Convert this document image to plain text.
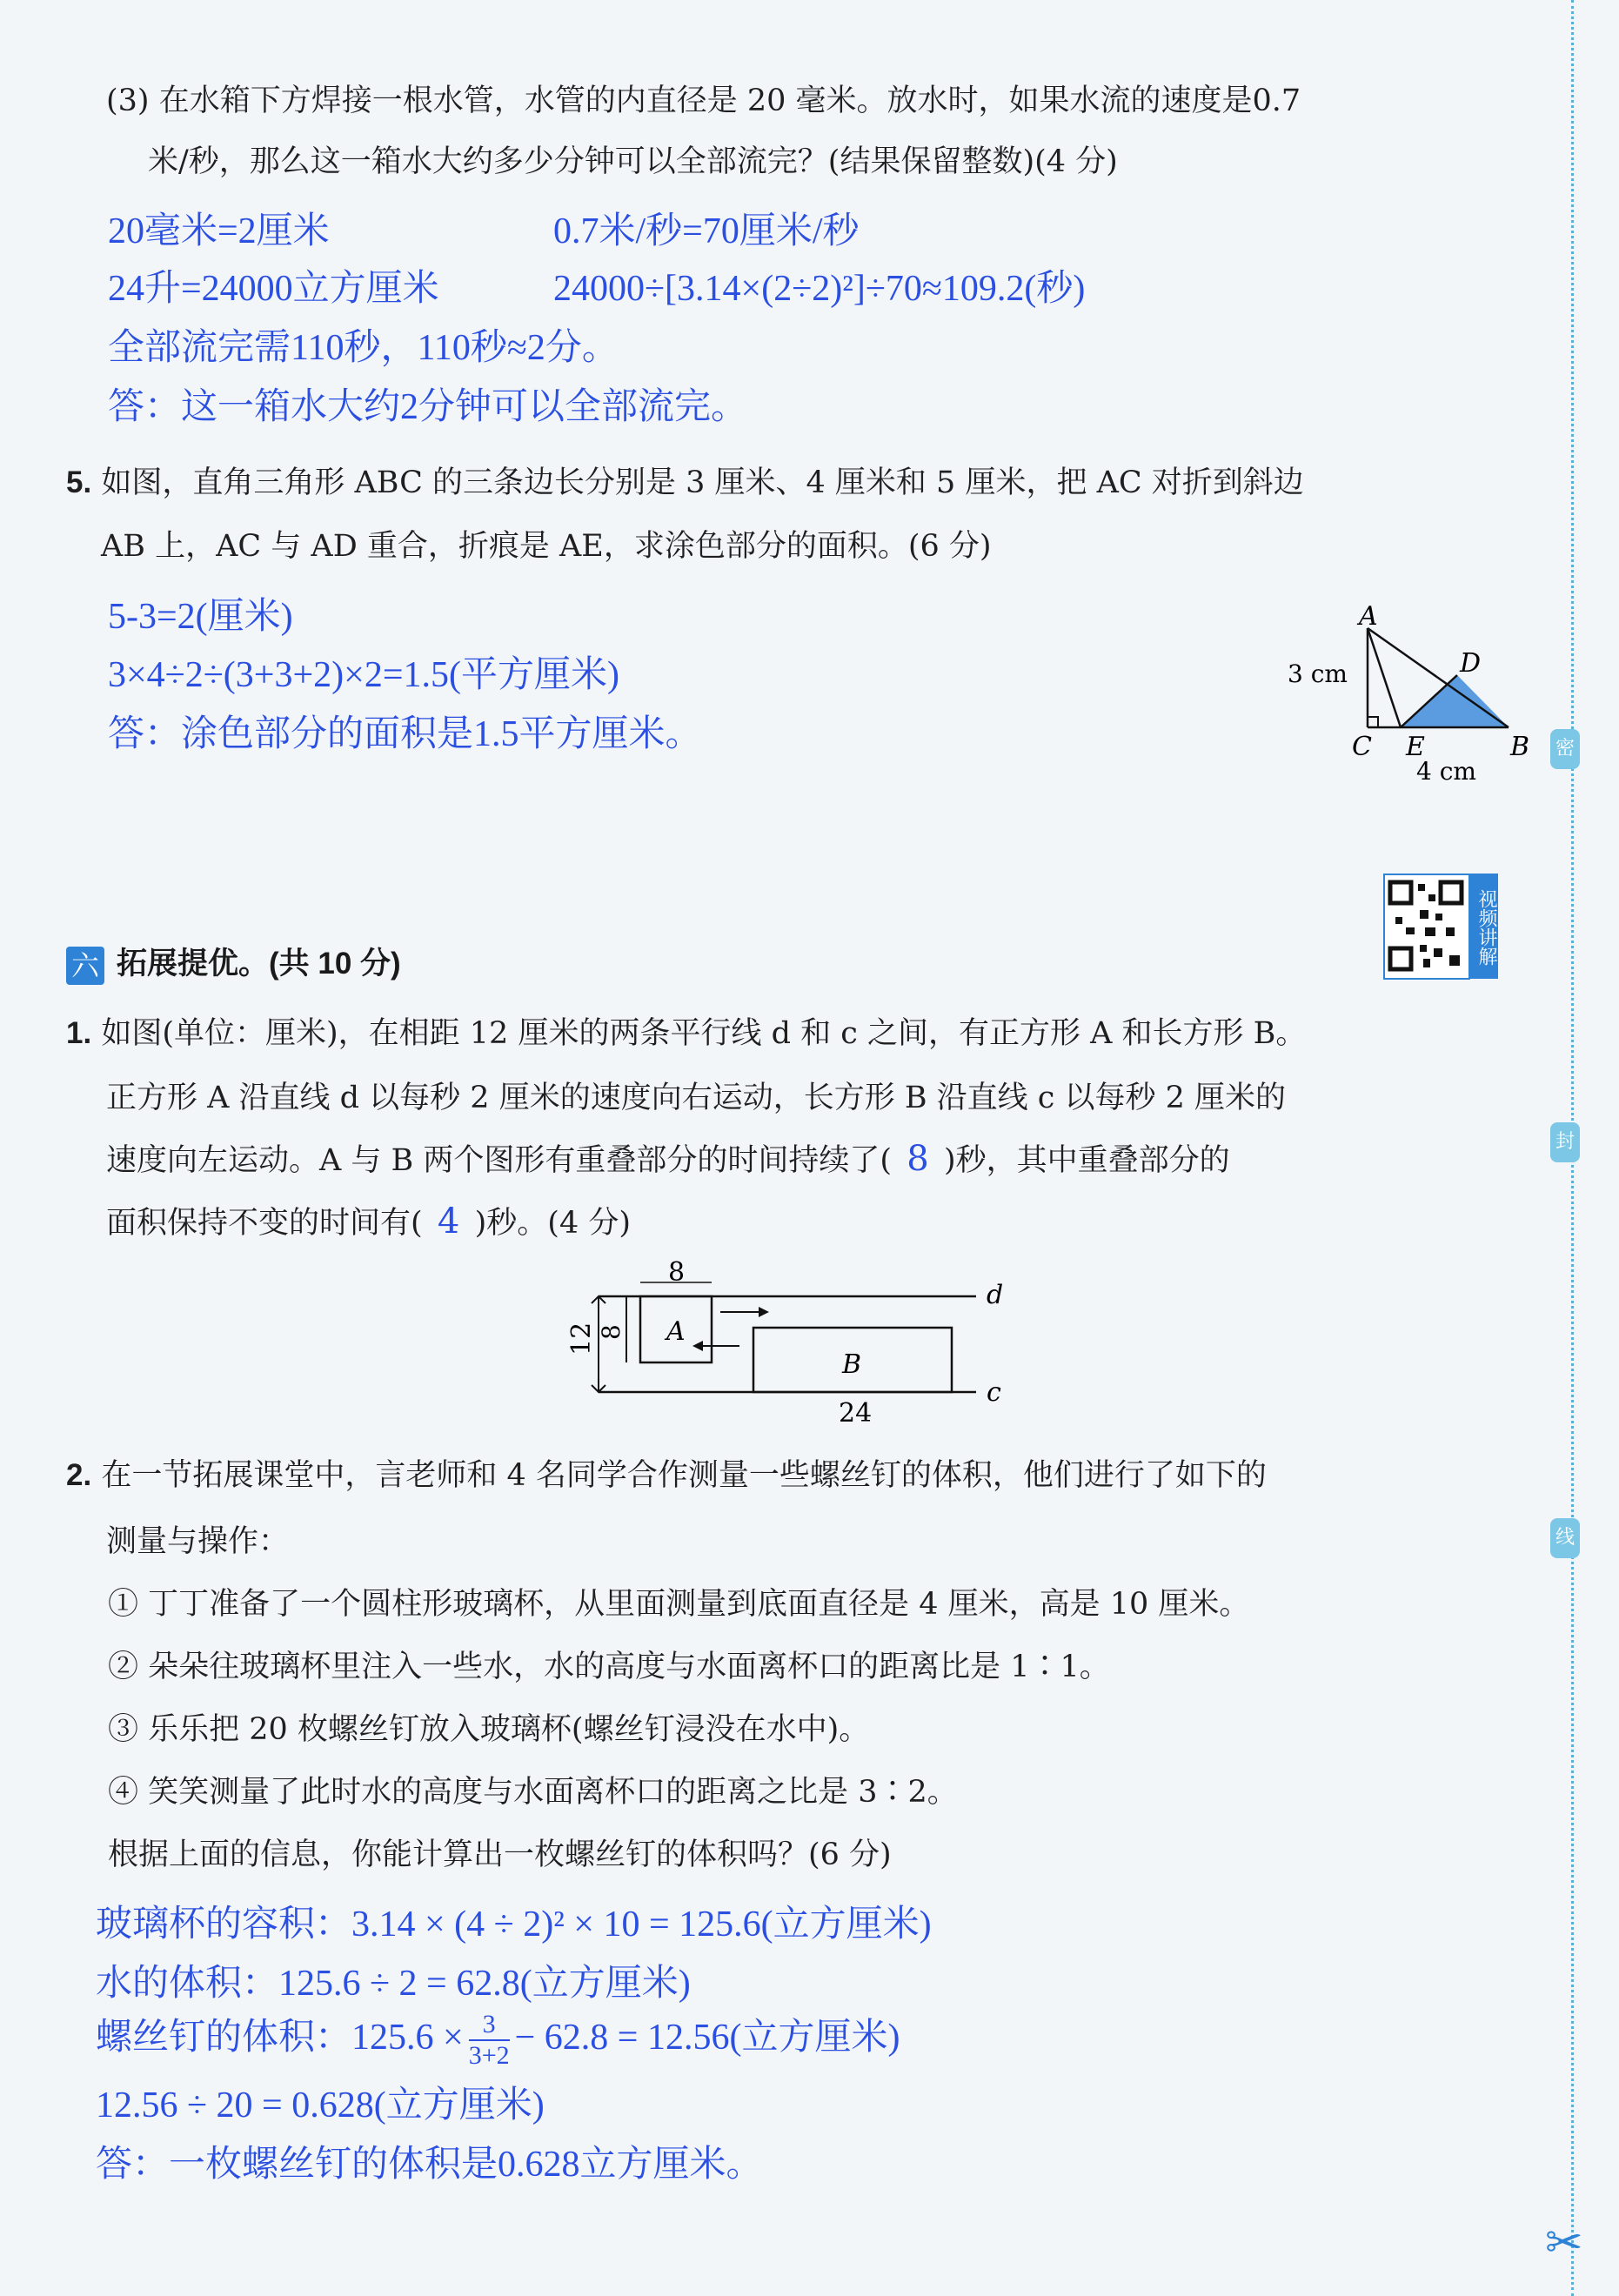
密
封
线
✂
(3) 在水箱下方焊接一根水管，水管的内直径是 20 毫米。放水时，如果水流的速度是0.7
米/秒，那么这一箱水大约多少分钟可以全部流完？(结果保留整数)(4 分)
20毫米=2厘米	0.7米/秒=70厘米/秒
24升=24000立方厘米	24000÷[3.14×(2÷2)²]÷70≈109.2(秒)
全部流完需110秒，110秒≈2分。
答：这一箱水大约2分钟可以全部流完。
5. 如图，直角三角形 ABC 的三条边长分别是 3 厘米、4 厘米和 5 厘米，把 AC 对折到斜边
AB 上，AC 与 AD 重合，折痕是 AE，求涂色部分的面积。(6 分)
5-3=2(厘米)
3×4÷2÷(3+3+2)×2=1.5(平方厘米)
答：涂色部分的面积是1.5平方厘米。
A
D
C E	B
3 cm
4 cm
视频讲解
六 拓展提优。(共 10 分)
1. 如图(单位：厘米)，在相距 12 厘米的两条平行线 d 和 c 之间，有正方形 A 和长方形 B。
正方形 A 沿直线 d 以每秒 2 厘米的速度向右运动，长方形 B 沿直线 c 以每秒 2 厘米的
速度向左运动。A 与 B 两个图形有重叠部分的时间持续了( 8 )秒，其中重叠部分的
面积保持不变的时间有( 4 )秒。(4 分)
8
12 8 A
B
24
d
c
2. 在一节拓展课堂中，言老师和 4 名同学合作测量一些螺丝钉的体积，他们进行了如下的
测量与操作：
① 丁丁准备了一个圆柱形玻璃杯，从里面测量到底面直径是 4 厘米，高是 10 厘米。
② 朵朵往玻璃杯里注入一些水，水的高度与水面离杯口的距离比是 1∶1。
③ 乐乐把 20 枚螺丝钉放入玻璃杯(螺丝钉浸没在水中)。
④ 笑笑测量了此时水的高度与水面离杯口的距离之比是 3∶2。
根据上面的信息，你能计算出一枚螺丝钉的体积吗？(6 分)
玻璃杯的容积：3.14 × (4 ÷ 2)² × 10 = 125.6(立方厘米)
水的体积：125.6 ÷ 2 = 62.8(立方厘米)
螺丝钉的体积：$125.6 \times \frac{3}{3+2} - 62.8 = 12.56$(立方厘米)
12.56 ÷ 20 = 0.628(立方厘米)
答：一枚螺丝钉的体积是0.628立方厘米。
